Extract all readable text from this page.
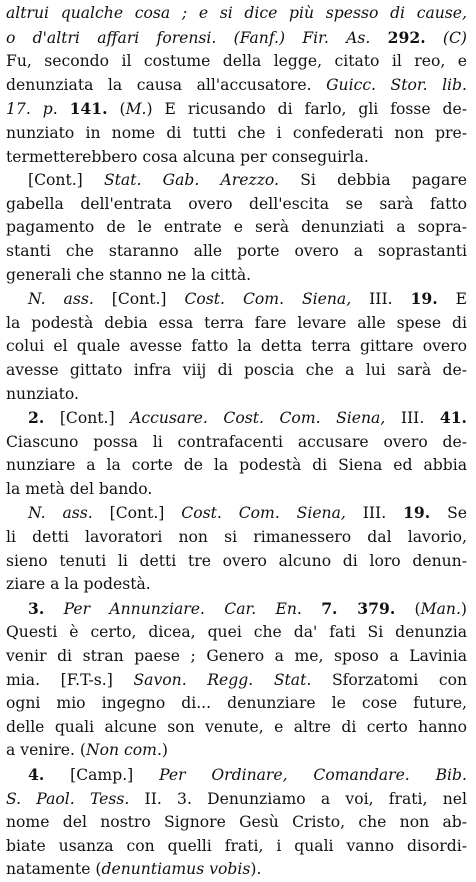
altrui qualche cosa ; e si dice più spesso di cause,
o d'altri affari forensi. (Fanf.) Fir. As. 292. (C)
Fu, secondo il costume della legge, citato il reo, e
denunziata la causa all'accusatore. Guicc. Stor. lib.
17. p. 141. (M.) E ricusando di farlo, gli fosse de-
nunziato in nome di tutti che i confederati non pre-
termetterebbero cosa alcuna per conseguirla.
[Cont.] Stat. Gab. Arezzo. Si debbia pagare
gabella dell'entrata overo dell'escita se sarà fatto
pagamento de le entrate e serà denunziati a sopra-
stanti che staranno alle porte overo a soprastanti
generali che stanno ne la città.
N. ass. [Cont.] Cost. Com. Siena, III. 19. E
la podestà debia essa terra fare levare alle spese di
colui el quale avesse fatto la detta terra gittare overo
avesse gittato infra viij di poscia che a lui sarà de-
nunziato.
2. [Cont.] Accusare. Cost. Com. Siena, III. 41.
Ciascuno possa li contrafacenti accusare overo de-
nunziare a la corte de la podestà di Siena ed abbia
la metà del bando.
N. ass. [Cont.] Cost. Com. Siena, III. 19. Se
li detti lavoratori non si rimanessero dal lavorio,
sieno tenuti li detti tre overo alcuno di loro denun-
ziare a la podestà.
3. Per Annunziare. Car. En. 7. 379. (Man.)
Questi è certo, dicea, quei che da' fati Si denunzia
venir di stran paese ; Genero a me, sposo a Lavinia
mia. [F.T-s.] Savon. Regg. Stat. Sforzatomi con
ogni mio ingegno di... denunziare le cose future,
delle quali alcune son venute, e altre di certo hanno
a venire. (Non com.)
4. [Camp.] Per Ordinare, Comandare. Bib.
S. Paol. Tess. II. 3. Denunziamo a voi, frati, nel
nome del nostro Signore Gesù Cristo, che non ab-
biate usanza con quelli frati, i quali vanno disordi-
natamente (denuntiamus vobis).
